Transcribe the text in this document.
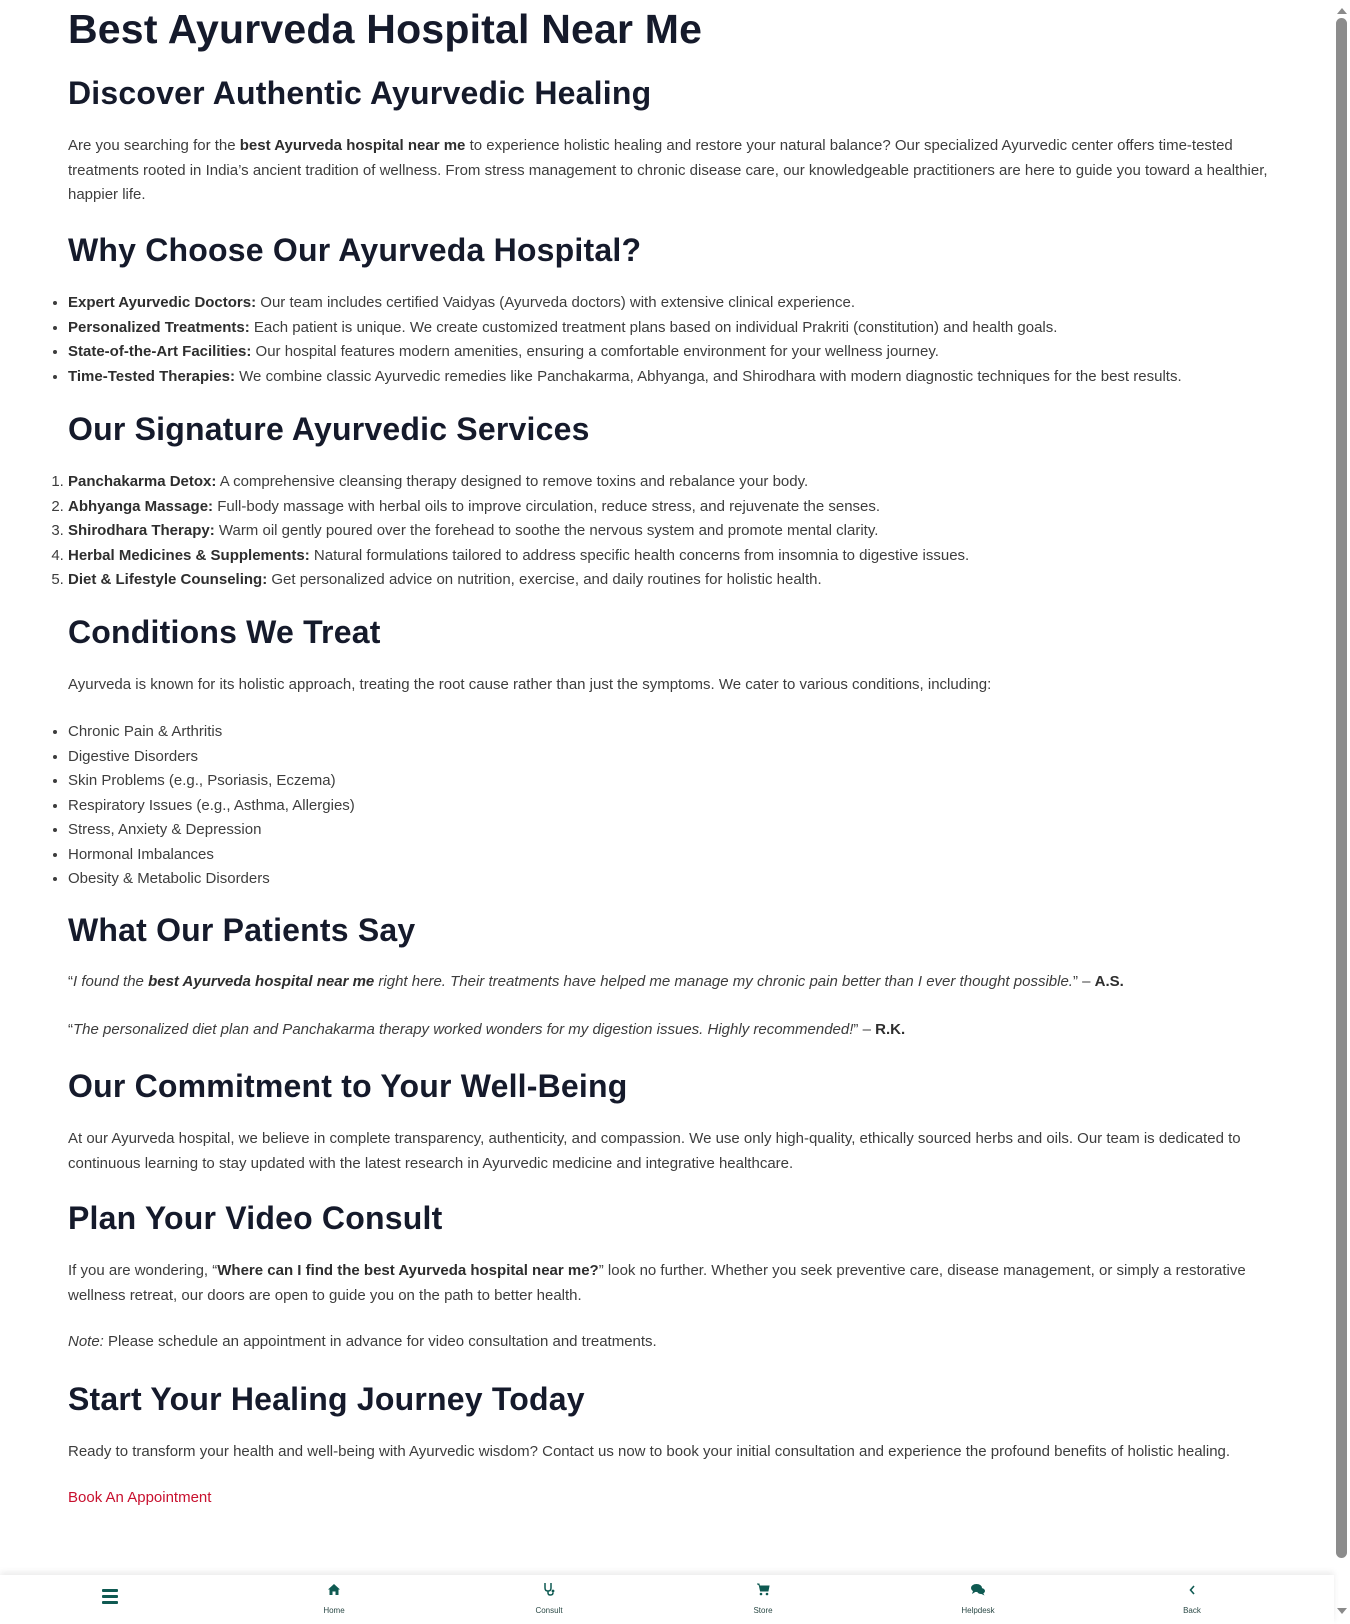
Best Ayurveda Hospital Near Me
Discover Authentic Ayurvedic Healing

Are you searching for the best Ayurveda hospital near me to experience holistic healing and restore your natural balance? Our specialized Ayurvedic center offers time-tested treatments rooted in India’s ancient tradition of wellness. From stress management to chronic disease care, our knowledgeable practitioners are here to guide you toward a healthier, happier life.

Why Choose Our Ayurveda Hospital?
• Expert Ayurvedic Doctors: Our team includes certified Vaidyas (Ayurveda doctors) with extensive clinical experience.
• Personalized Treatments: Each patient is unique. We create customized treatment plans based on individual Prakriti (constitution) and health goals.
• State-of-the-Art Facilities: Our hospital features modern amenities, ensuring a comfortable environment for your wellness journey.
• Time-Tested Therapies: We combine classic Ayurvedic remedies like Panchakarma, Abhyanga, and Shirodhara with modern diagnostic techniques for the best results.
Our Signature Ayurvedic Services
1. Panchakarma Detox: A comprehensive cleansing therapy designed to remove toxins and rebalance your body.
2. Abhyanga Massage: Full-body massage with herbal oils to improve circulation, reduce stress, and rejuvenate the senses.
3. Shirodhara Therapy: Warm oil gently poured over the forehead to soothe the nervous system and promote mental clarity.
4. Herbal Medicines & Supplements: Natural formulations tailored to address specific health concerns from insomnia to digestive issues.
5. Diet & Lifestyle Counseling: Get personalized advice on nutrition, exercise, and daily routines for holistic health.
Conditions We Treat

Ayurveda is known for its holistic approach, treating the root cause rather than just the symptoms. We cater to various conditions, including:

• Chronic Pain & Arthritis
• Digestive Disorders
• Skin Problems (e.g., Psoriasis, Eczema)
• Respiratory Issues (e.g., Asthma, Allergies)
• Stress, Anxiety & Depression
• Hormonal Imbalances
• Obesity & Metabolic Disorders
What Our Patients Say

“I found the best Ayurveda hospital near me right here. Their treatments have helped me manage my chronic pain better than I ever thought possible.” – A.S.

“The personalized diet plan and Panchakarma therapy worked wonders for my digestion issues. Highly recommended!” – R.K.

Our Commitment to Your Well-Being

At our Ayurveda hospital, we believe in complete transparency, authenticity, and compassion. We use only high-quality, ethically sourced herbs and oils. Our team is dedicated to continuous learning to stay updated with the latest research in Ayurvedic medicine and integrative healthcare.

Plan Your Video Consult

If you are wondering, “Where can I find the best Ayurveda hospital near me?” look no further. Whether you seek preventive care, disease management, or simply a restorative wellness retreat, our doors are open to guide you on the path to better health.

Note: Please schedule an appointment in advance for video consultation and treatments.

Start Your Healing Journey Today

Ready to transform your health and well-being with Ayurvedic wisdom? Contact us now to book your initial consultation and experience the profound benefits of holistic healing.

Book An Appointment

Home	Consult	Store	Helpdesk	Back
